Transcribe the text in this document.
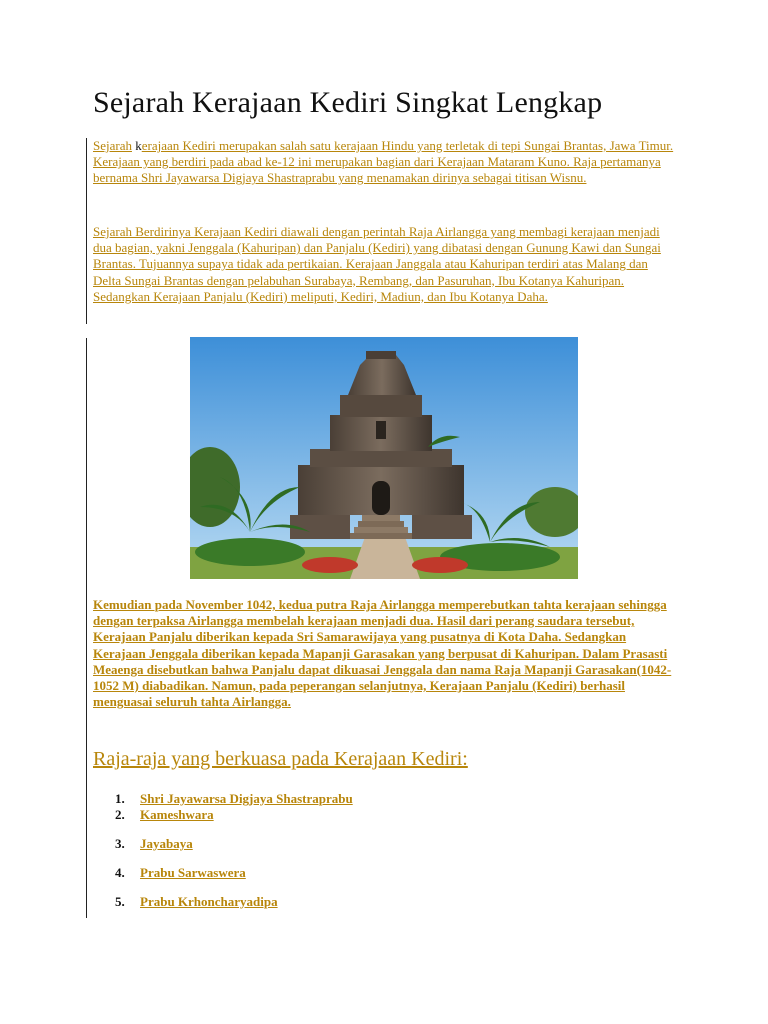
Sejarah Kerajaan Kediri Singkat Lengkap

Sejarah kerajaan Kediri merupakan salah satu kerajaan Hindu yang terletak di tepi Sungai Brantas, Jawa Timur. Kerajaan yang berdiri pada abad ke-12 ini merupakan bagian dari Kerajaan Mataram Kuno. Raja pertamanya bernama Shri Jayawarsa Digjaya Shastraprabu yang menamakan dirinya sebagai titisan Wisnu.

Sejarah Berdirinya Kerajaan Kediri diawali dengan perintah Raja Airlangga yang membagi kerajaan menjadi dua bagian, yakni Jenggala (Kahuripan) dan Panjalu (Kediri) yang dibatasi dengan Gunung Kawi dan Sungai Brantas. Tujuannya supaya tidak ada pertikaian. Kerajaan Janggala atau Kahuripan terdiri atas Malang dan Delta Sungai Brantas dengan pelabuhan Surabaya, Rembang, dan Pasuruhan, Ibu Kotanya Kahuripan. Sedangkan Kerajaan Panjalu (Kediri) meliputi, Kediri, Madiun, dan Ibu Kotanya Daha.

Kemudian pada November 1042, kedua putra Raja Airlangga memperebutkan tahta kerajaan sehingga dengan terpaksa Airlangga membelah kerajaan menjadi dua. Hasil dari perang saudara tersebut, Kerajaan Panjalu diberikan kepada Sri Samarawijaya yang pusatnya di Kota Daha. Sedangkan Kerajaan Jenggala diberikan kepada Mapanji Garasakan yang berpusat di Kahuripan. Dalam Prasasti Meaenga disebutkan bahwa Panjalu dapat dikuasai Jenggala dan nama Raja Mapanji Garasakan(1042-1052 M) diabadikan. Namun, pada peperangan selanjutnya, Kerajaan Panjalu (Kediri) berhasil menguasai seluruh tahta Airlangga.

Raja-raja yang berkuasa pada Kerajaan Kediri:
1. Shri Jayawarsa Digjaya Shastraprabu
2. Kameshwara
3. Jayabaya
4. Prabu Sarwaswera
5. Prabu Krhoncharyadipa
